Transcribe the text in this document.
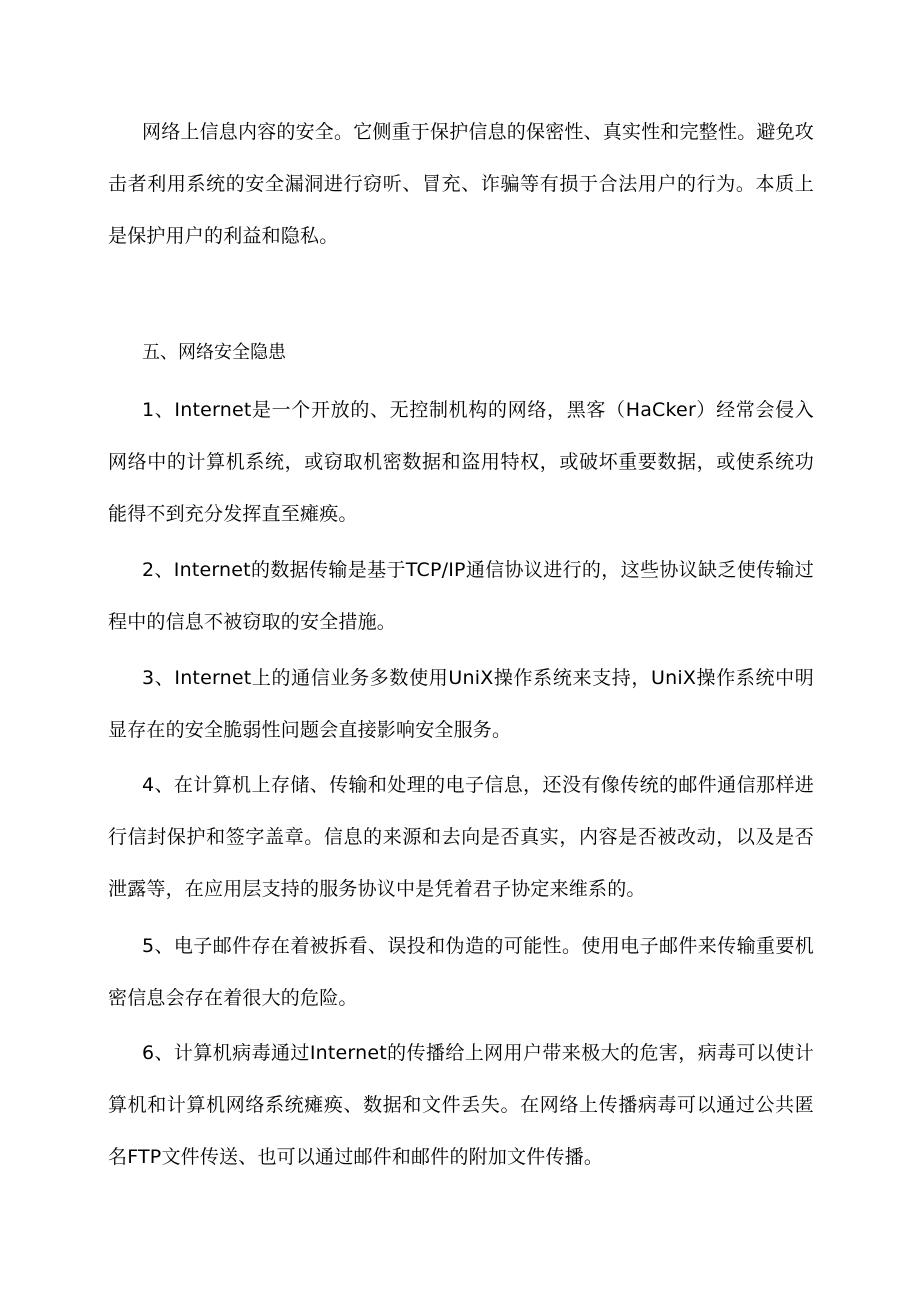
网络上信息内容的安全。它侧重于保护信息的保密性、真实性和完整性。避免攻击者利用系统的安全漏洞进行窃听、冒充、诈骗等有损于合法用户的行为。本质上是保护用户的利益和隐私。

五、网络安全隐患

1、Internet是一个开放的、无控制机构的网络，黑客（HaCker）经常会侵入网络中的计算机系统，或窃取机密数据和盗用特权，或破坏重要数据，或使系统功能得不到充分发挥直至瘫痪。

2、Internet的数据传输是基于TCP/IP通信协议进行的，这些协议缺乏使传输过程中的信息不被窃取的安全措施。

3、Internet上的通信业务多数使用UniX操作系统来支持，UniX操作系统中明显存在的安全脆弱性问题会直接影响安全服务。

4、在计算机上存储、传输和处理的电子信息，还没有像传统的邮件通信那样进行信封保护和签字盖章。信息的来源和去向是否真实，内容是否被改动，以及是否泄露等，在应用层支持的服务协议中是凭着君子协定来维系的。

5、电子邮件存在着被拆看、误投和伪造的可能性。使用电子邮件来传输重要机密信息会存在着很大的危险。

6、计算机病毒通过Internet的传播给上网用户带来极大的危害，病毒可以使计算机和计算机网络系统瘫痪、数据和文件丢失。在网络上传播病毒可以通过公共匿名FTP文件传送、也可以通过邮件和邮件的附加文件传播。
